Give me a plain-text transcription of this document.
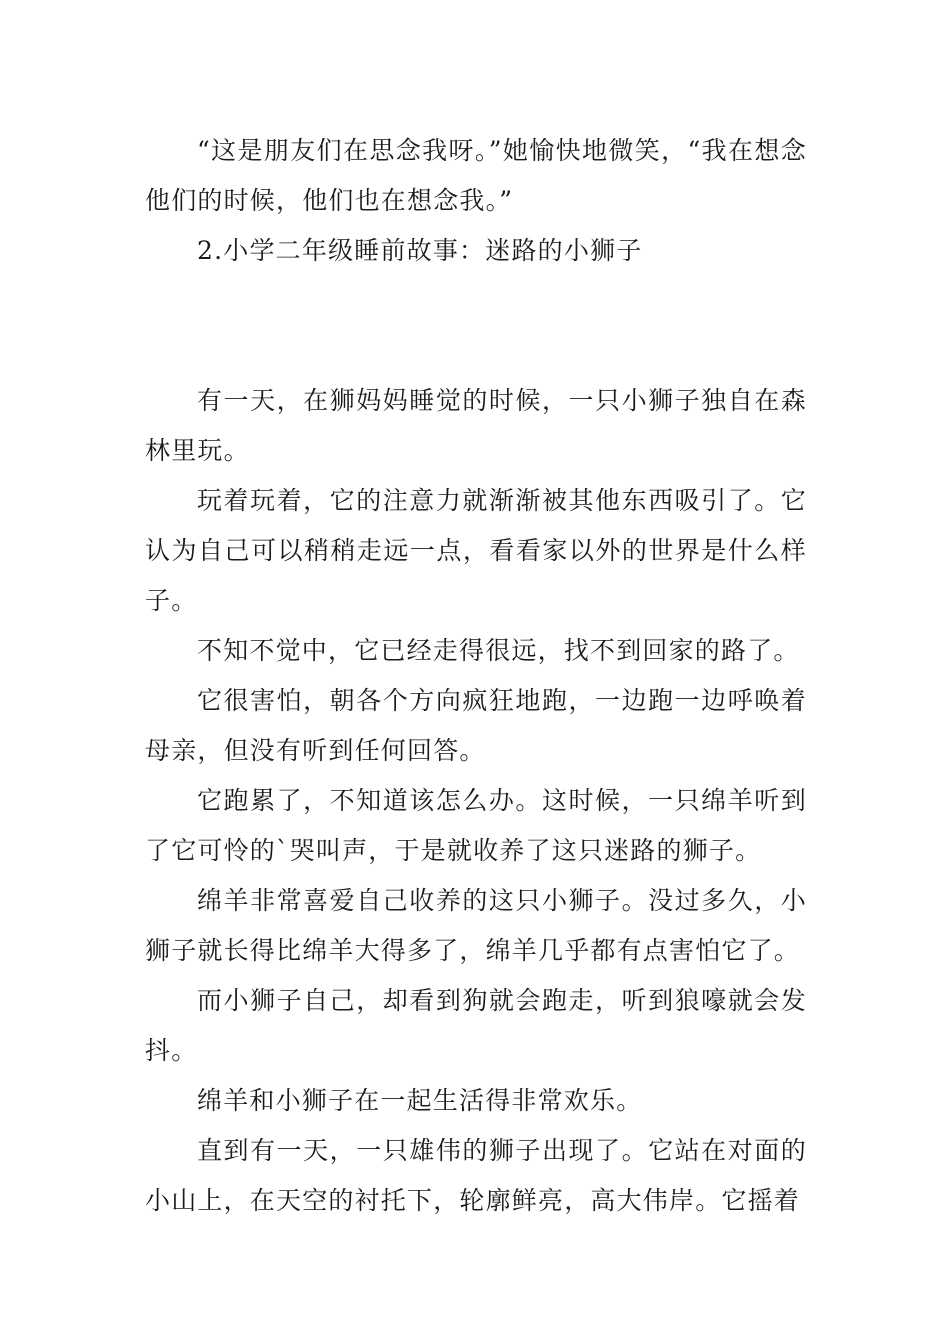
“这是朋友们在思念我呀。”她愉快地微笑，“我在想念他们的时候，他们也在想念我。”

2.小学二年级睡前故事：迷路的小狮子

有一天，在狮妈妈睡觉的时候，一只小狮子独自在森林里玩。

玩着玩着，它的注意力就渐渐被其他东西吸引了。它认为自己可以稍稍走远一点，看看家以外的世界是什么样子。

不知不觉中，它已经走得很远，找不到回家的路了。

它很害怕，朝各个方向疯狂地跑，一边跑一边呼唤着母亲，但没有听到任何回答。

它跑累了，不知道该怎么办。这时候，一只绵羊听到了它可怜的`哭叫声，于是就收养了这只迷路的狮子。

绵羊非常喜爱自己收养的这只小狮子。没过多久，小狮子就长得比绵羊大得多了，绵羊几乎都有点害怕它了。

而小狮子自己，却看到狗就会跑走，听到狼嚎就会发抖。

绵羊和小狮子在一起生活得非常欢乐。

直到有一天，一只雄伟的狮子出现了。它站在对面的小山上，在天空的衬托下，轮廓鲜亮，高大伟岸。它摇着
